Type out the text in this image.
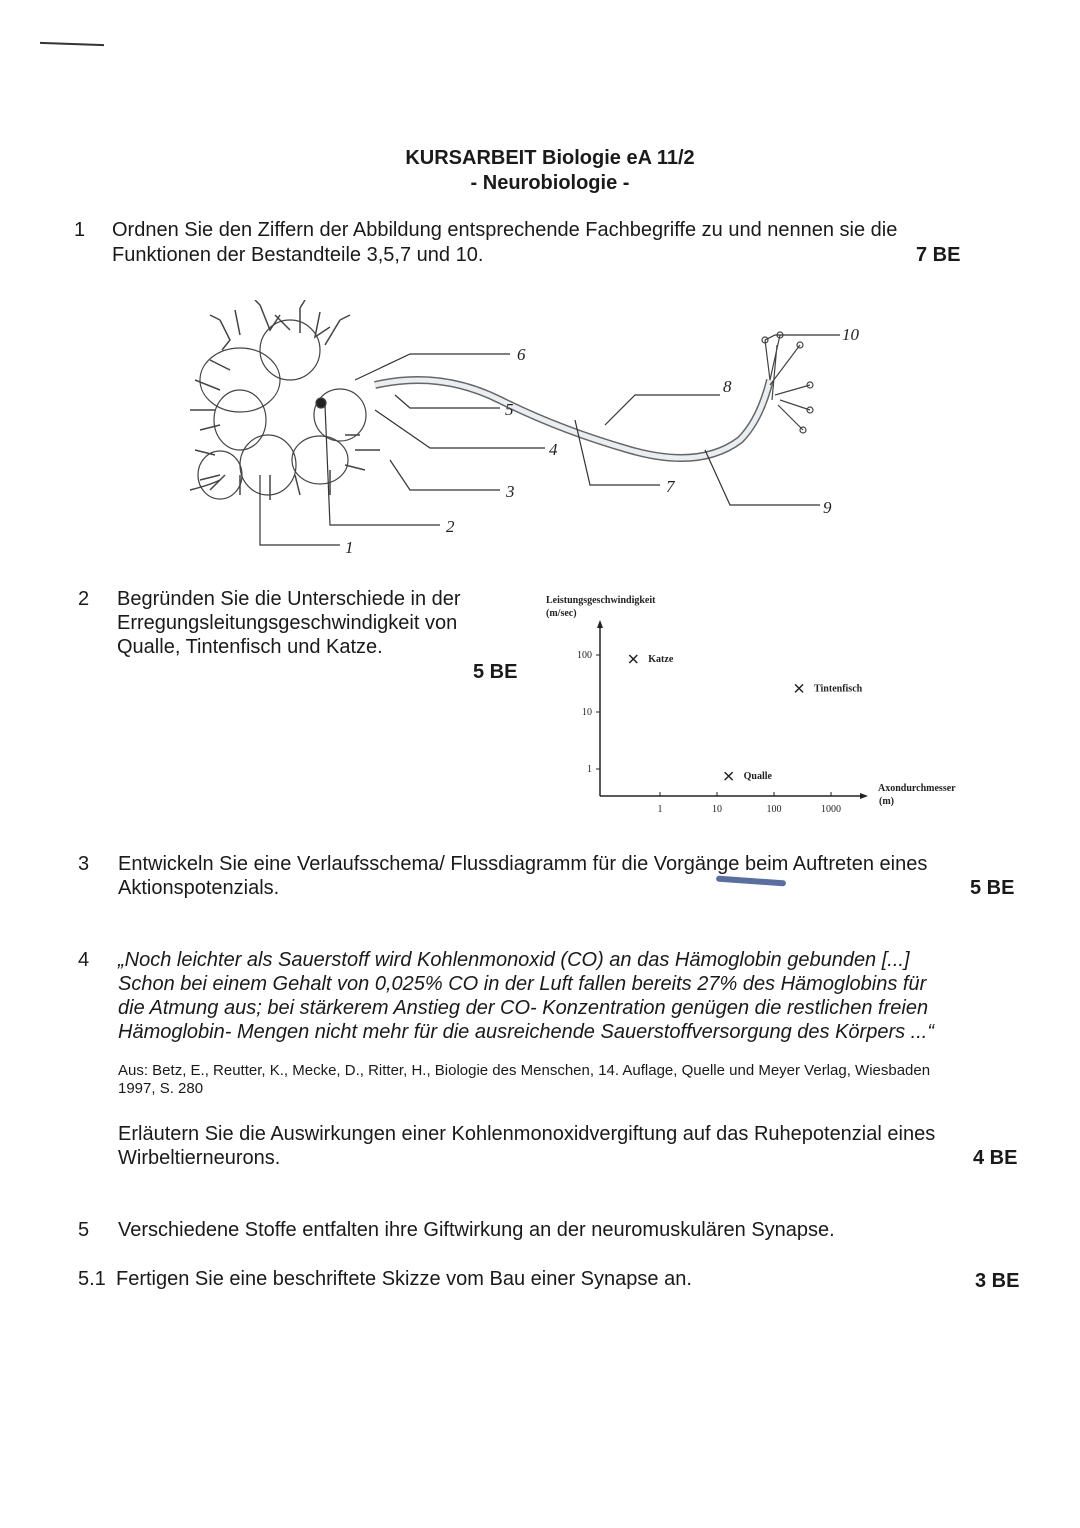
KURSARBEIT Biologie eA 11/2
- Neurobiologie -
1 Ordnen Sie den Ziffern der Abbildung entsprechende Fachbegriffe zu und nennen sie die
Funktionen der Bestandteile 3,5,7 und 10.	7 BE
1
2
3
4
5
6
7
8
9
10
2 Begründen Sie die Unterschiede in der
Erregungsleitungsgeschwindigkeit von
Qualle, Tintenfisch und Katze.
5 BE
Leistungsgeschwindigkeit
(m/sec)
Axondurchmesser
(m)
1	10	100	1000
1
10
100	Katze
Tintenfisch
Qualle
3 Entwickeln Sie eine Verlaufsschema/ Flussdiagramm für die Vorgänge beim Auftreten eines
Aktionspotenzials.	5 BE
4 „Noch leichter als Sauerstoff wird Kohlenmonoxid (CO) an das Hämoglobin gebunden [...]
Schon bei einem Gehalt von 0,025% CO in der Luft fallen bereits 27% des Hämoglobins für
die Atmung aus; bei stärkerem Anstieg der CO- Konzentration genügen die restlichen freien
Hämoglobin- Mengen nicht mehr für die ausreichende Sauerstoffversorgung des Körpers ...“
Aus: Betz, E., Reutter, K., Mecke, D., Ritter, H., Biologie des Menschen, 14. Auflage, Quelle und Meyer Verlag, Wiesbaden
1997, S. 280
Erläutern Sie die Auswirkungen einer Kohlenmonoxidvergiftung auf das Ruhepotenzial eines
Wirbeltierneurons.	4 BE
5 Verschiedene Stoffe entfalten ihre Giftwirkung an der neuromuskulären Synapse.
5.1 Fertigen Sie eine beschriftete Skizze vom Bau einer Synapse an.	3 BE
